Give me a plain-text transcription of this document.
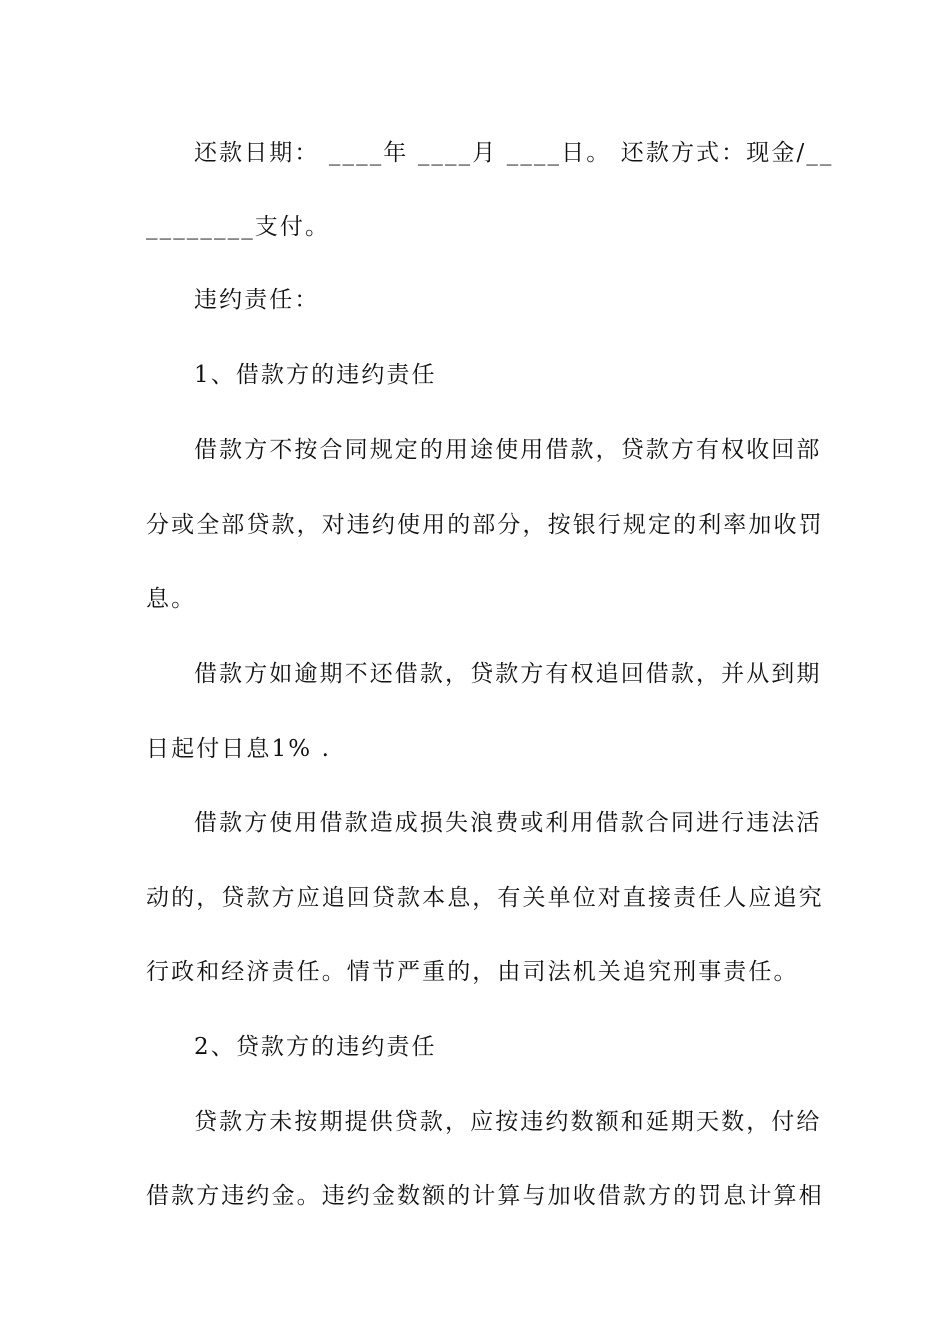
还款日期： ____年 ____月 ____日。 还款方式：现金/__
________支付。
违约责任：
1、借款方的违约责任
借款方不按合同规定的用途使用借款，贷款方有权收回部
分或全部贷款，对违约使用的部分，按银行规定的利率加收罚
息。
借款方如逾期不还借款，贷款方有权追回借款，并从到期
日起付日息1% .
借款方使用借款造成损失浪费或利用借款合同进行违法活
动的，贷款方应追回贷款本息，有关单位对直接责任人应追究
行政和经济责任。情节严重的，由司法机关追究刑事责任。
2、贷款方的违约责任
贷款方未按期提供贷款，应按违约数额和延期天数，付给
借款方违约金。违约金数额的计算与加收借款方的罚息计算相
